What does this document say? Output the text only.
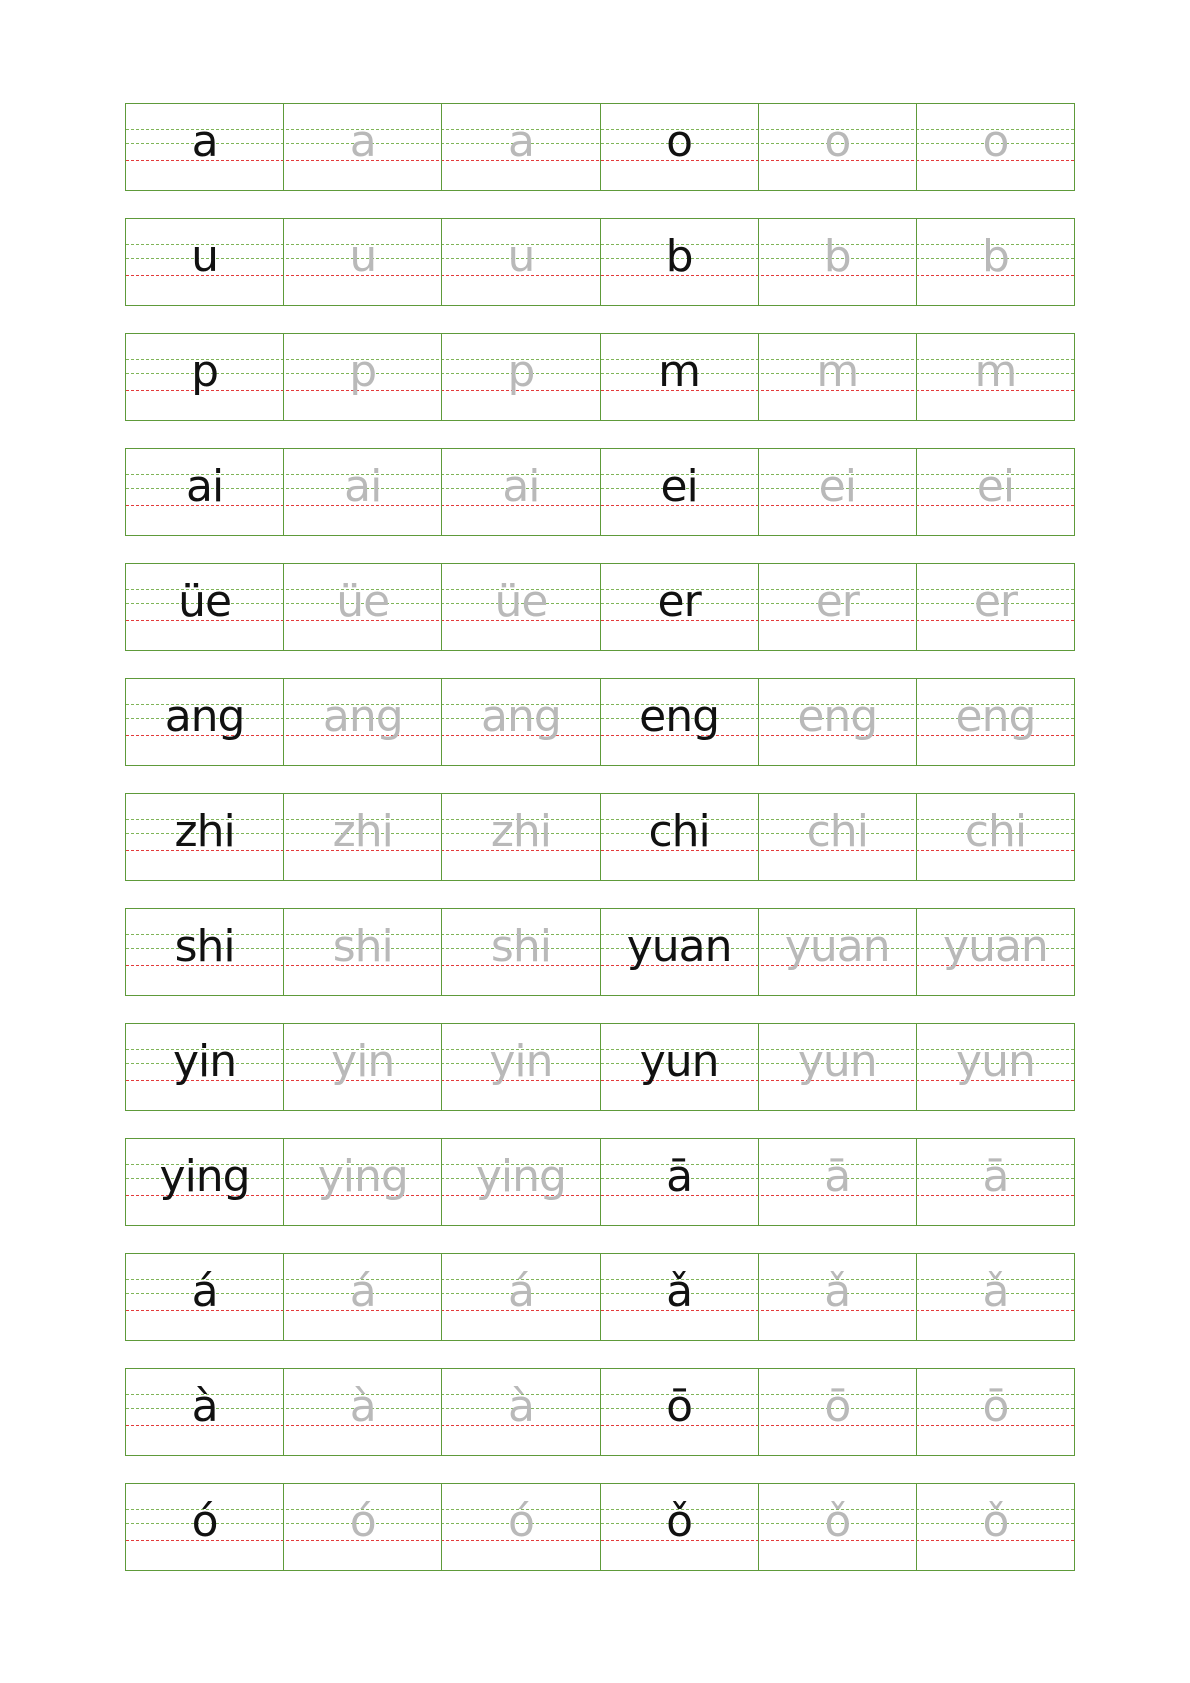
a	a	a	o	o	o
u	u	u	b	b	b
p	p	p	m	m	m
ai	ai	ai	ei	ei	ei
üe	üe	üe	er	er	er
ang	ang	ang	eng	eng	eng
zhi	zhi	zhi	chi	chi	chi
shi	shi	shi	yuan	yuan	yuan
yin	yin	yin	yun	yun	yun
ying	ying	ying	ā	ā	ā
á	á	á	ǎ	ǎ	ǎ
à	à	à	ō	ō	ō
ó	ó	ó	ǒ	ǒ	ǒ
